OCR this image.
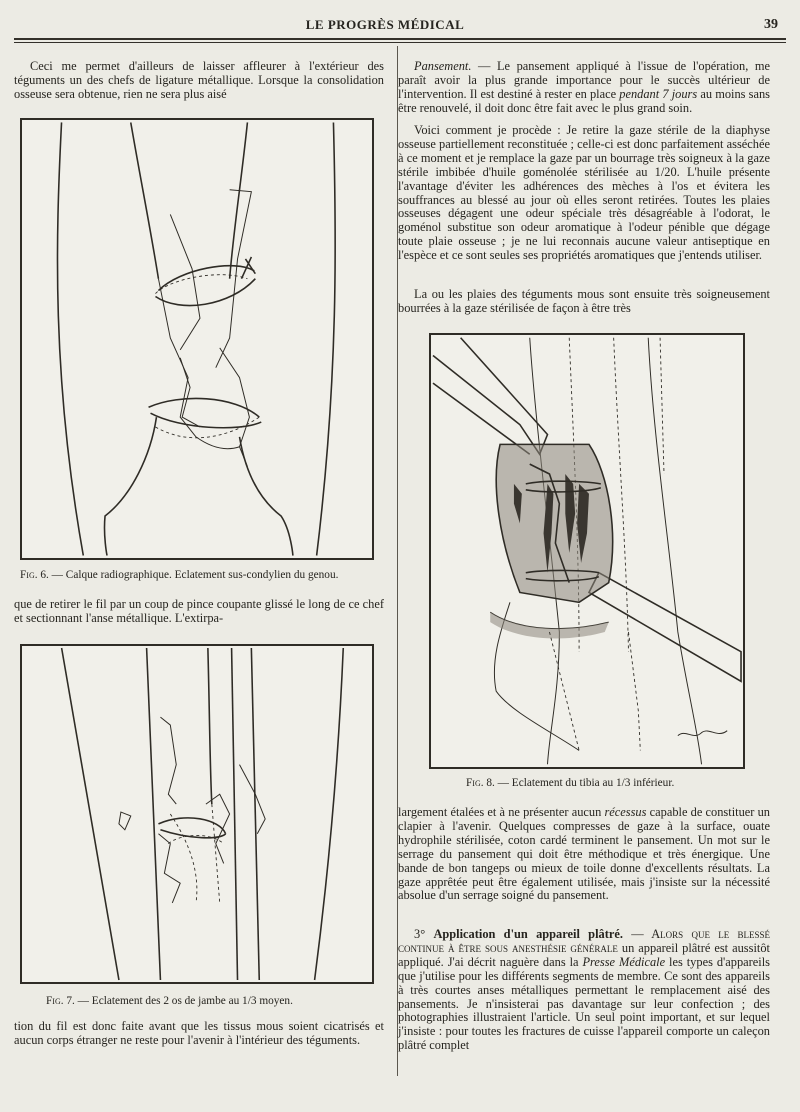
LE PROGRÈS MÉDICAL	39

Ceci me permet d'ailleurs de laisser affleurer à l'extérieur des téguments un des chefs de ligature métallique. Lorsque la consolidation osseuse sera obtenue, rien ne sera plus aisé

Fig. 6. — Calque radiographique. Eclatement sus-condylien du genou.

que de retirer le fil par un coup de pince coupante glissé le long de ce chef et sectionnant l'anse métallique. L'extirpa-

Fig. 7. — Eclatement des 2 os de jambe au 1/3 moyen.

tion du fil est donc faite avant que les tissus mous soient cicatrisés et aucun corps étranger ne reste pour l'avenir à l'intérieur des téguments.

Pansement. — Le pansement appliqué à l'issue de l'opération, me paraît avoir la plus grande importance pour le succès ultérieur de l'intervention. Il est destiné à rester en place pendant 7 jours au moins sans être renouvelé, il doit donc être fait avec le plus grand soin.

Voici comment je procède : Je retire la gaze stérile de la diaphyse osseuse partiellement reconstituée ; celle-ci est donc parfaitement asséchée à ce moment et je remplace la gaze par un bourrage très soigneux à la gaze stérile imbibée d'huile goménolée stérilisée au 1/20. L'huile présente l'avantage d'éviter les adhérences des mèches à l'os et évitera les souffrances au blessé au jour où elles seront retirées. Toutes les plaies osseuses dégagent une odeur spéciale très désagréable à l'odorat, le goménol substitue son odeur aromatique à l'odeur pénible que dégage toute plaie osseuse ; je ne lui reconnais aucune valeur antiseptique en l'espèce et ce sont seules ses propriétés aromatiques que j'entends utiliser.

La ou les plaies des téguments mous sont ensuite très soigneusement bourrées à la gaze stérilisée de façon à être très

Fig. 8. — Eclatement du tibia au 1/3 inférieur.

largement étalées et à ne présenter aucun récessus capable de constituer un clapier à l'avenir. Quelques compresses de gaze à la surface, ouate hydrophile stérilisée, coton cardé terminent le pansement. Un mot sur le serrage du pansement qui doit être méthodique et très énergique. Une bande de bon tangeps ou mieux de toile donne d'excellents résultats. La gaze apprêtée peut être également utilisée, mais j'insiste sur la nécessité absolue d'un serrage soigné du pansement.

3° Application d'un appareil plâtré. — Alors que le blessé continue à être sous anesthésie générale un appareil plâtré est aussitôt appliqué. J'ai décrit naguère dans la Presse Médicale les types d'appareils que j'utilise pour les différents segments de membre. Ce sont des appareils à très courtes anses métalliques permettant le remplacement aisé des pansements. Je n'insisterai pas davantage sur leur confection ; des photographies illustraient l'article. Un seul point important, et sur lequel j'insiste : pour toutes les fractures de cuisse l'appareil comporte un caleçon plâtré complet
